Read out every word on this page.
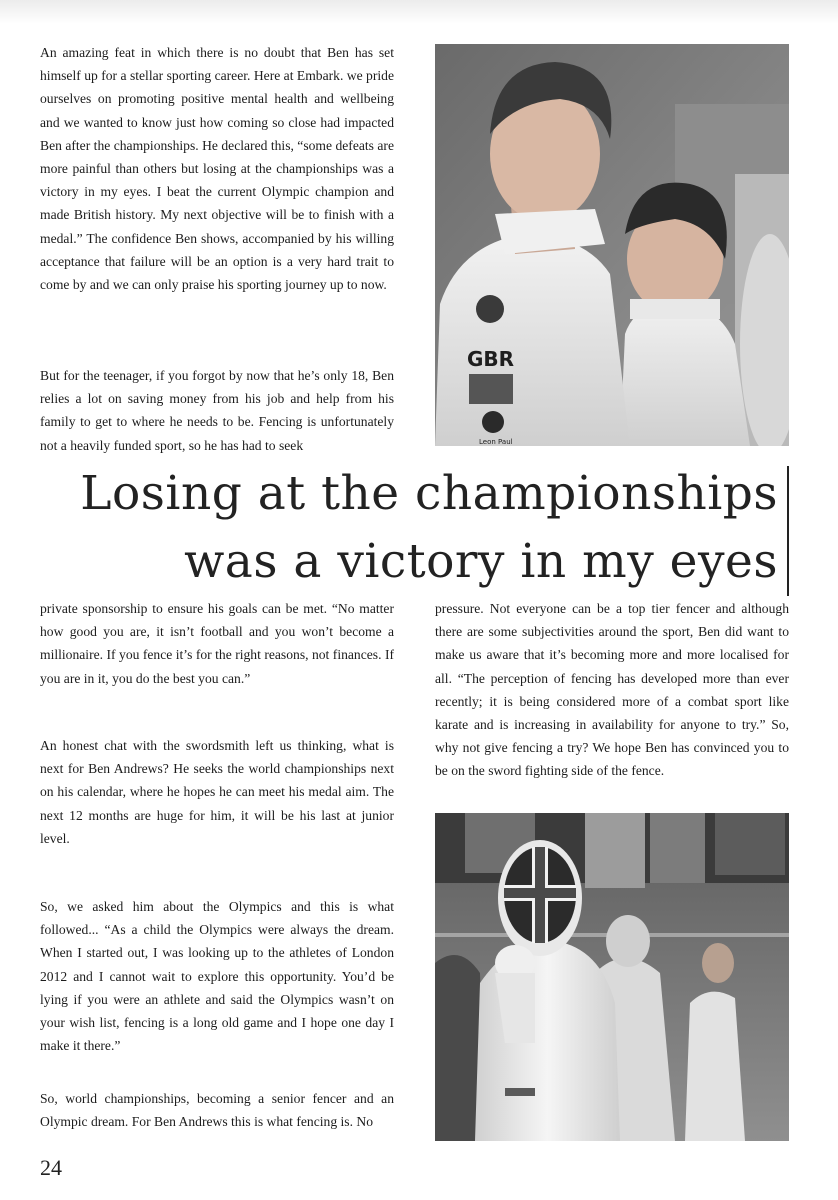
An amazing feat in which there is no doubt that Ben has set himself up for a stellar sporting career. Here at Embark. we pride ourselves on promoting positive mental health and wellbeing and we wanted to know just how coming so close had impacted Ben after the championships. He declared this, “some defeats are more painful than others but losing at the championships was a victory in my eyes. I beat the current Olympic champion and made British history. My next objective will be to finish with a medal.” The confidence Ben shows, accompanied by his willing acceptance that failure will be an option is a very hard trait to come by and we can only praise his sporting journey up to now.

But for the teenager, if you forgot by now that he’s only 18, Ben relies a lot on saving money from his job and help from his family to get to where he needs to be. Fencing is unfortunately not a heavily funded sport, so he has had to seek

private sponsorship to ensure his goals can be met. “No matter how good you are, it isn’t football and you won’t become a millionaire. If you fence it’s for the right reasons, not finances. If you are in it, you do the best you can.”

An honest chat with the swordsmith left us thinking, what is next for Ben Andrews? He seeks the world championships next on his calendar, where he hopes he can meet his medal aim. The next 12 months are huge for him, it will be his last at junior level.

So, we asked him about the Olympics and this is what followed... “As a child the Olympics were always the dream. When I started out, I was looking up to the athletes of London 2012 and I cannot wait to explore this opportunity. You’d be lying if you were an athlete and said the Olympics wasn’t on your wish list, fencing is a long old game and I hope one day I make it there.”

So, world championships, becoming a senior fencer and an Olympic dream. For Ben Andrews this is what fencing is. No

pressure. Not everyone can be a top tier fencer and although there are some subjectivities around the sport, Ben did want to make us aware that it’s becoming more and more localised for all. “The perception of fencing has developed more than ever recently; it is being considered more of a combat sport like karate and is increasing in availability for anyone to try.” So, why not give fencing a try? We hope Ben has convinced you to be on the sword fighting side of the fence.

GBR
Leon Paul

Losing at the championships

was a victory in my eyes

24
